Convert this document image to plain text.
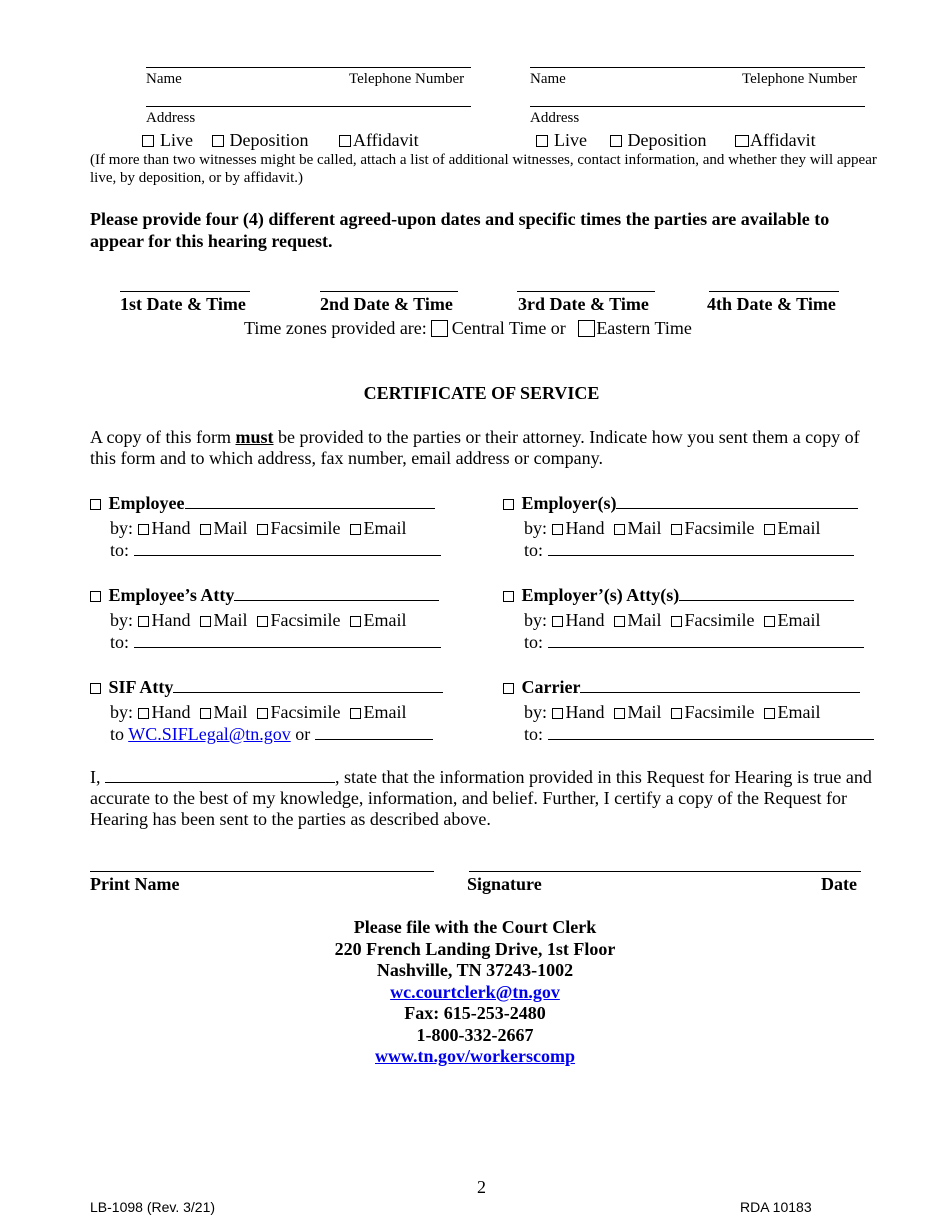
Name	Telephone Number
Address
Live Deposition Affidavit
Name	Telephone Number
Address
Live Deposition Affidavit
(If more than two witnesses might be called, attach a list of additional witnesses, contact information, and whether they will appear live, by deposition, or by affidavit.)
Please provide four (4) different agreed-upon dates and specific times the parties are available to appear for this hearing request.
1st Date & Time	2nd Date & Time	3rd Date & Time	4th Date & Time
Time zones provided are: Central Time or Eastern Time
CERTIFICATE OF SERVICE
A copy of this form must be provided to the parties or their attorney. Indicate how you sent them a copy of this form and to which address, fax number, email address or company.
Employee
by: Hand Mail Facsimile Email
to:
Employer(s)
by: Hand Mail Facsimile Email
to:
Employee’s Atty
by: Hand Mail Facsimile Email
to:
Employer’(s) Atty(s)
by: Hand Mail Facsimile Email
to:
SIF Atty
by: Hand Mail Facsimile Email
to WC.SIFLegal@tn.gov or
Carrier
by: Hand Mail Facsimile Email
to:
I,	, state that the information provided in this Request for Hearing is true and accurate to the best of my knowledge, information, and belief. Further, I certify a copy of the Request for Hearing has been sent to the parties as described above.
Print Name	Signature	Date
Please file with the Court Clerk
220 French Landing Drive, 1st Floor
Nashville, TN 37243-1002
wc.courtclerk@tn.gov
Fax: 615-253-2480
1-800-332-2667
www.tn.gov/workerscomp
2
LB-1098 (Rev. 3/21)	RDA 10183
